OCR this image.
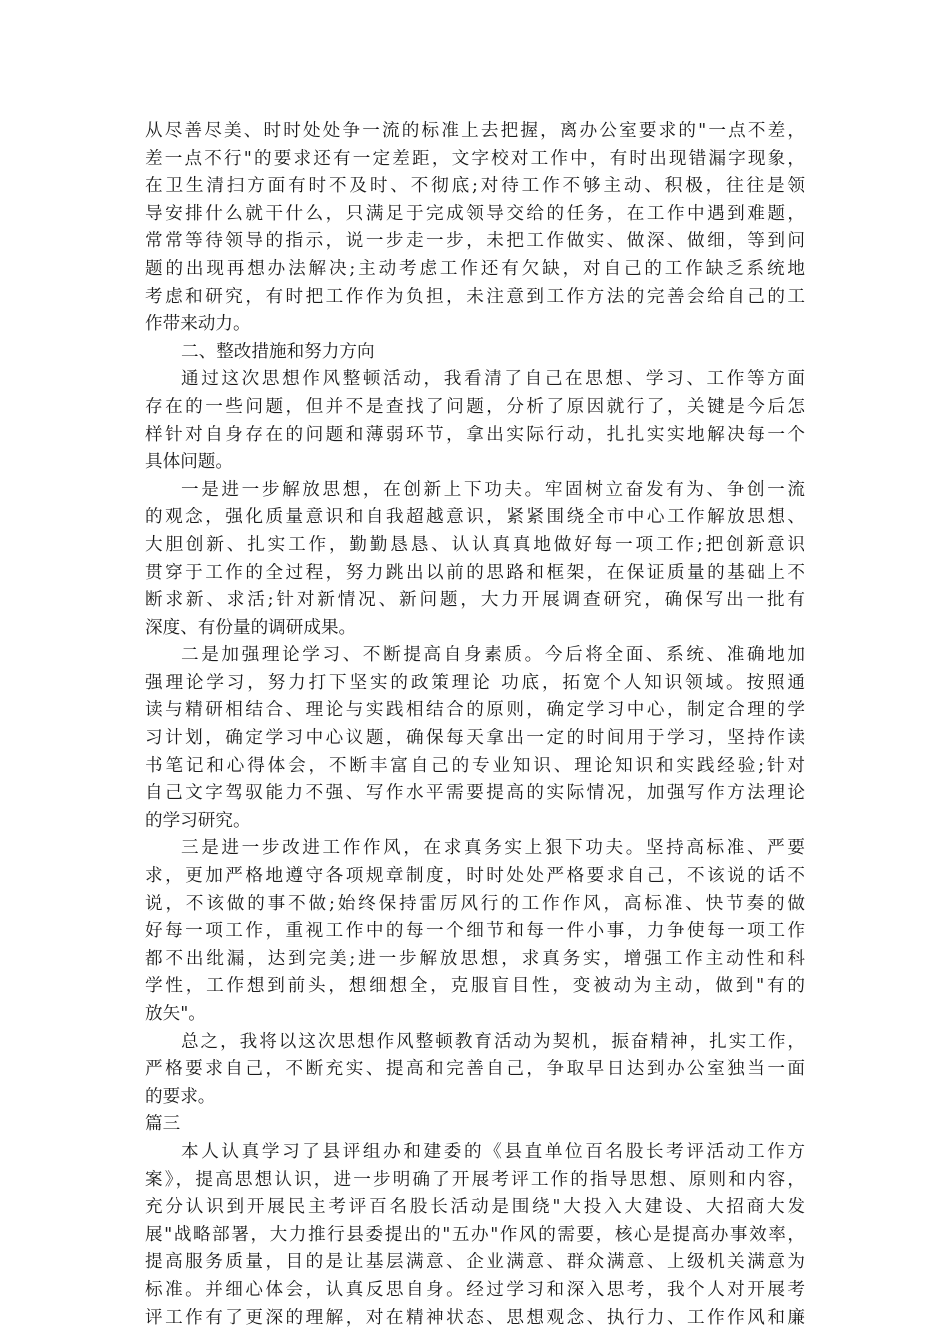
从尽善尽美、时时处处争一流的标准上去把握，离办公室要求的"一点不差，
差一点不行"的要求还有一定差距，文字校对工作中，有时出现错漏字现象，
在卫生清扫方面有时不及时、不彻底;对待工作不够主动、积极，往往是领
导安排什么就干什么，只满足于完成领导交给的任务，在工作中遇到难题，
常常等待领导的指示，说一步走一步，未把工作做实、做深、做细，等到问
题的出现再想办法解决;主动考虑工作还有欠缺，对自己的工作缺乏系统地
考虑和研究，有时把工作作为负担，未注意到工作方法的完善会给自己的工
作带来动力。
二、整改措施和努力方向
通过这次思想作风整顿活动，我看清了自己在思想、学习、工作等方面
存在的一些问题，但并不是查找了问题，分析了原因就行了，关键是今后怎
样针对自身存在的问题和薄弱环节，拿出实际行动，扎扎实实地解决每一个
具体问题。
一是进一步解放思想，在创新上下功夫。牢固树立奋发有为、争创一流
的观念，强化质量意识和自我超越意识，紧紧围绕全市中心工作解放思想、
大胆创新、扎实工作，勤勤恳恳、认认真真地做好每一项工作;把创新意识
贯穿于工作的全过程，努力跳出以前的思路和框架，在保证质量的基础上不
断求新、求活;针对新情况、新问题，大力开展调查研究，确保写出一批有
深度、有份量的调研成果。
二是加强理论学习、不断提高自身素质。今后将全面、系统、准确地加
强理论学习，努力打下坚实的政策理论 功底，拓宽个人知识领域。按照通
读与精研相结合、理论与实践相结合的原则，确定学习中心，制定合理的学
习计划，确定学习中心议题，确保每天拿出一定的时间用于学习，坚持作读
书笔记和心得体会，不断丰富自己的专业知识、理论知识和实践经验;针对
自己文字驾驭能力不强、写作水平需要提高的实际情况，加强写作方法理论
的学习研究。
三是进一步改进工作作风，在求真务实上狠下功夫。坚持高标准、严要
求，更加严格地遵守各项规章制度，时时处处严格要求自己，不该说的话不
说，不该做的事不做;始终保持雷厉风行的工作作风，高标准、快节奏的做
好每一项工作，重视工作中的每一个细节和每一件小事，力争使每一项工作
都不出纰漏，达到完美;进一步解放思想，求真务实，增强工作主动性和科
学性，工作想到前头，想细想全，克服盲目性，变被动为主动，做到"有的
放矢"。
总之，我将以这次思想作风整顿教育活动为契机，振奋精神，扎实工作，
严格要求自己，不断充实、提高和完善自己，争取早日达到办公室独当一面
的要求。
篇三
本人认真学习了县评组办和建委的《县直单位百名股长考评活动工作方
案》，提高思想认识，进一步明确了开展考评工作的指导思想、原则和内容，
充分认识到开展民主考评百名股长活动是围绕"大投入大建设、大招商大发
展"战略部署，大力推行县委提出的"五办"作风的需要，核心是提高办事效率，
提高服务质量，目的是让基层满意、企业满意、群众满意、上级机关满意为
标准。并细心体会，认真反思自身。经过学习和深入思考，我个人对开展考
评工作有了更深的理解，对在精神状态、思想观念、执行力、工作作风和廉
